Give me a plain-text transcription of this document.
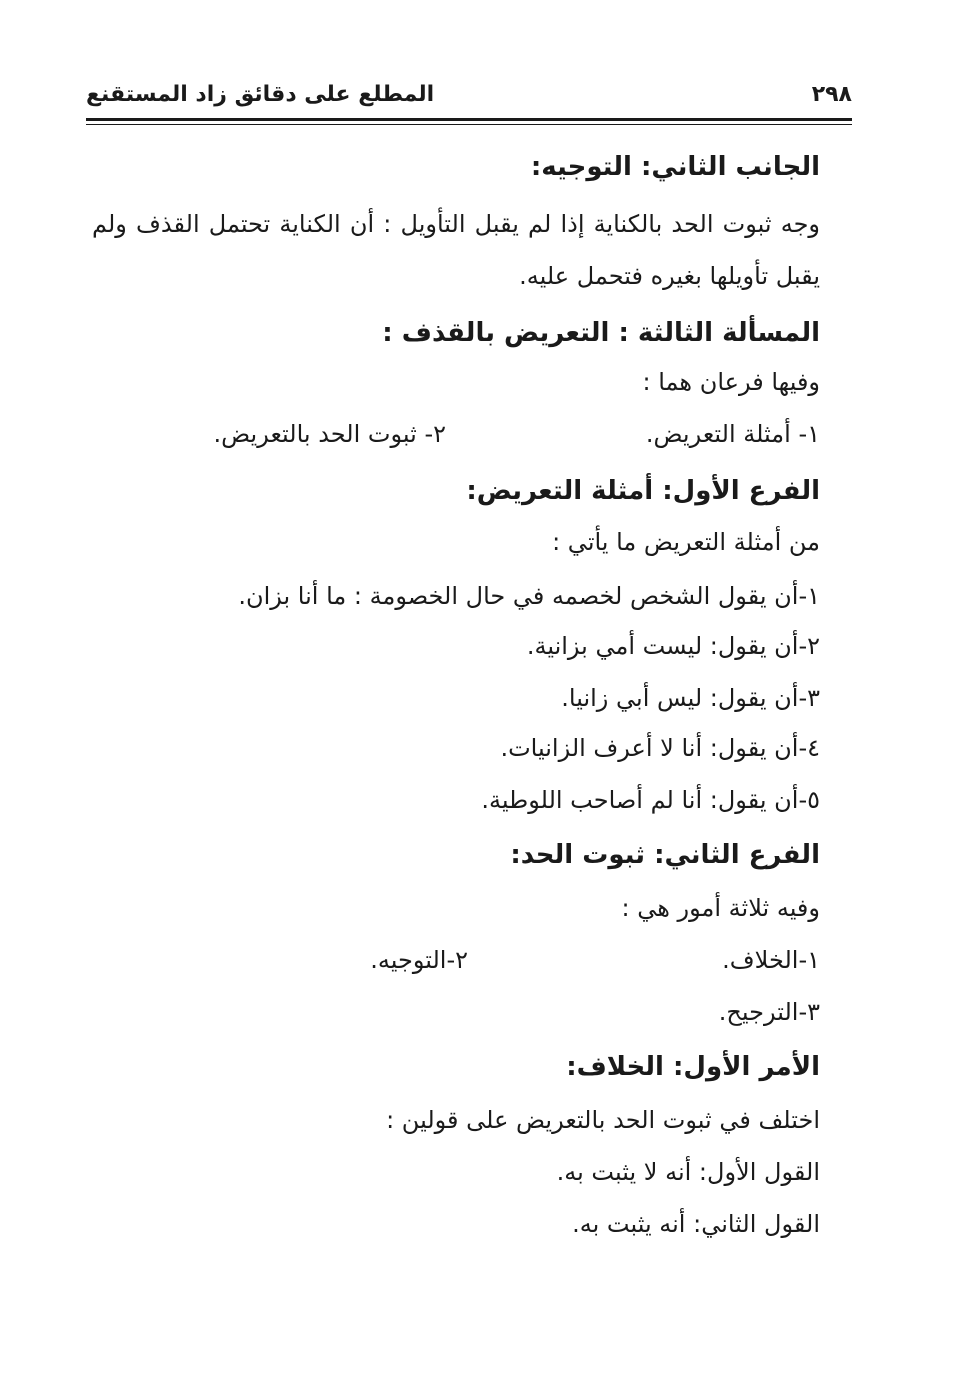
٢٩٨
المطلع على دقائق زاد المستقنع
الجانب الثاني: التوجيه:
وجه ثبوت الحد بالكناية إذا لم يقبل التأويل : أن الكناية تحتمل القذف ولم
يقبل تأويلها بغيره فتحمل عليه.
المسألة الثالثة : التعريض بالقذف :
وفيها فرعان هما :
١- أمثلة التعريض.
٢- ثبوت الحد بالتعريض.
الفرع الأول: أمثلة التعريض:
من أمثلة التعريض ما يأتي :
١-أن يقول الشخص لخصمه في حال الخصومة : ما أنا بزان.
٢-أن يقول: ليست أمي بزانية.
٣-أن يقول: ليس أبي زانيا.
٤-أن يقول: أنا لا أعرف الزانيات.
٥-أن يقول: أنا لم أصاحب اللوطية.
الفرع الثاني: ثبوت الحد:
وفيه ثلاثة أمور هي :
١-الخلاف.
٢-التوجيه.
٣-الترجيح.
الأمر الأول: الخلاف:
اختلف في ثبوت الحد بالتعريض على قولين :
القول الأول: أنه لا يثبت به.
القول الثاني: أنه يثبت به.
